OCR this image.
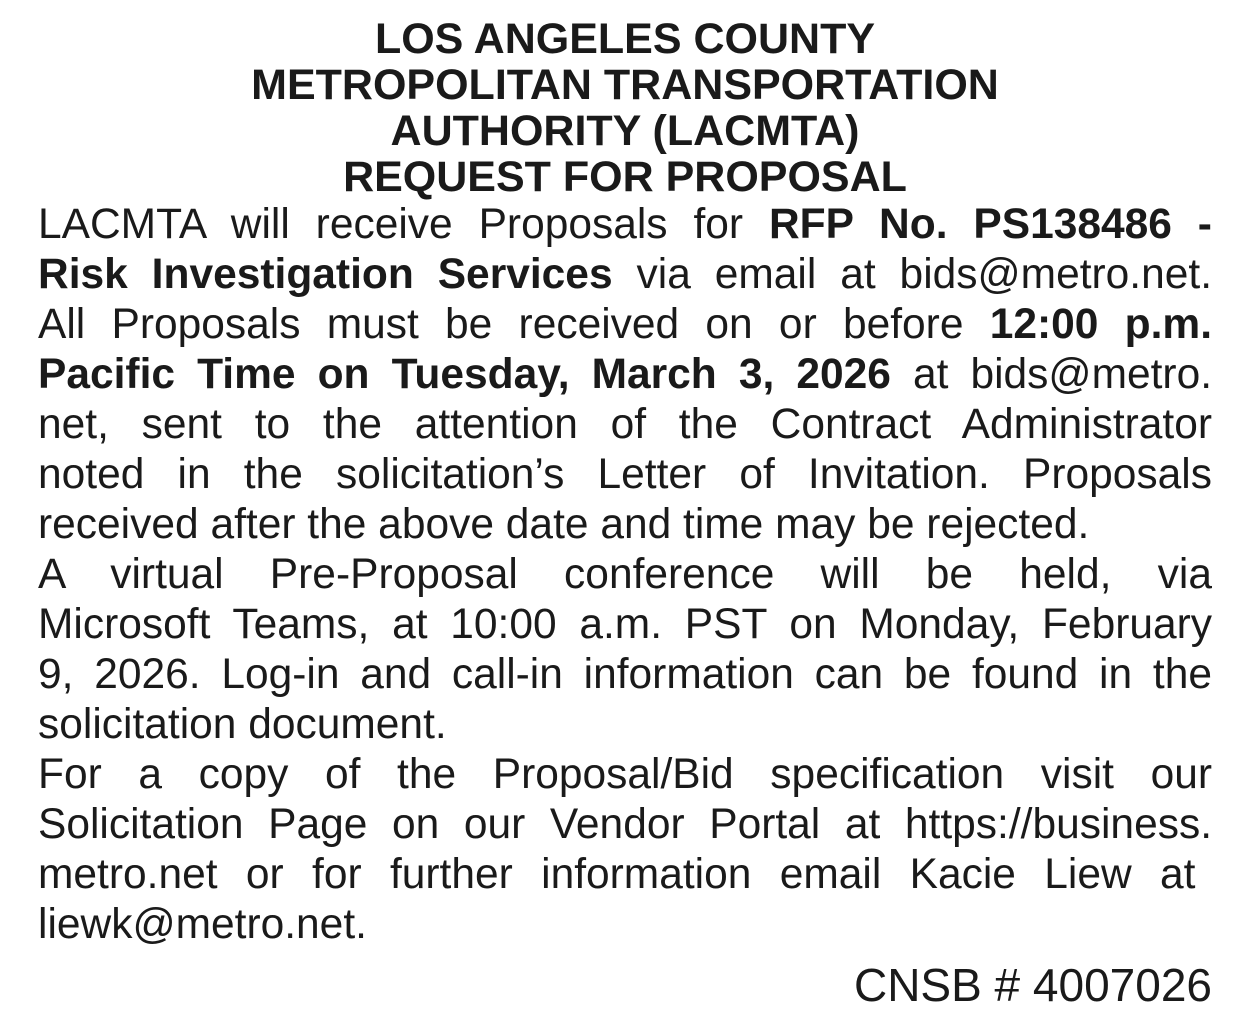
LOS ANGELES COUNTY
METROPOLITAN TRANSPORTATION
AUTHORITY (LACMTA)
REQUEST FOR PROPOSAL
LACMTA will receive Proposals for RFP No. PS138486 -
Risk Investigation Services via email at bids@metro.net.
All Proposals must be received on or before 12:00 p.m.
Pacific Time on Tuesday, March 3, 2026 at bids@metro.
net, sent to the attention of the Contract Administrator
noted in the solicitation’s Letter of Invitation. Proposals
received after the above date and time may be rejected.
A virtual Pre-Proposal conference will be held, via
Microsoft Teams, at 10:00 a.m. PST on Monday, February
9, 2026. Log-in and call-in information can be found in the
solicitation document.
For a copy of the Proposal/Bid specification visit our
Solicitation Page on our Vendor Portal at https://business.
metro.net or for further information email Kacie Liew at
liewk@metro.net.
CNSB # 4007026
